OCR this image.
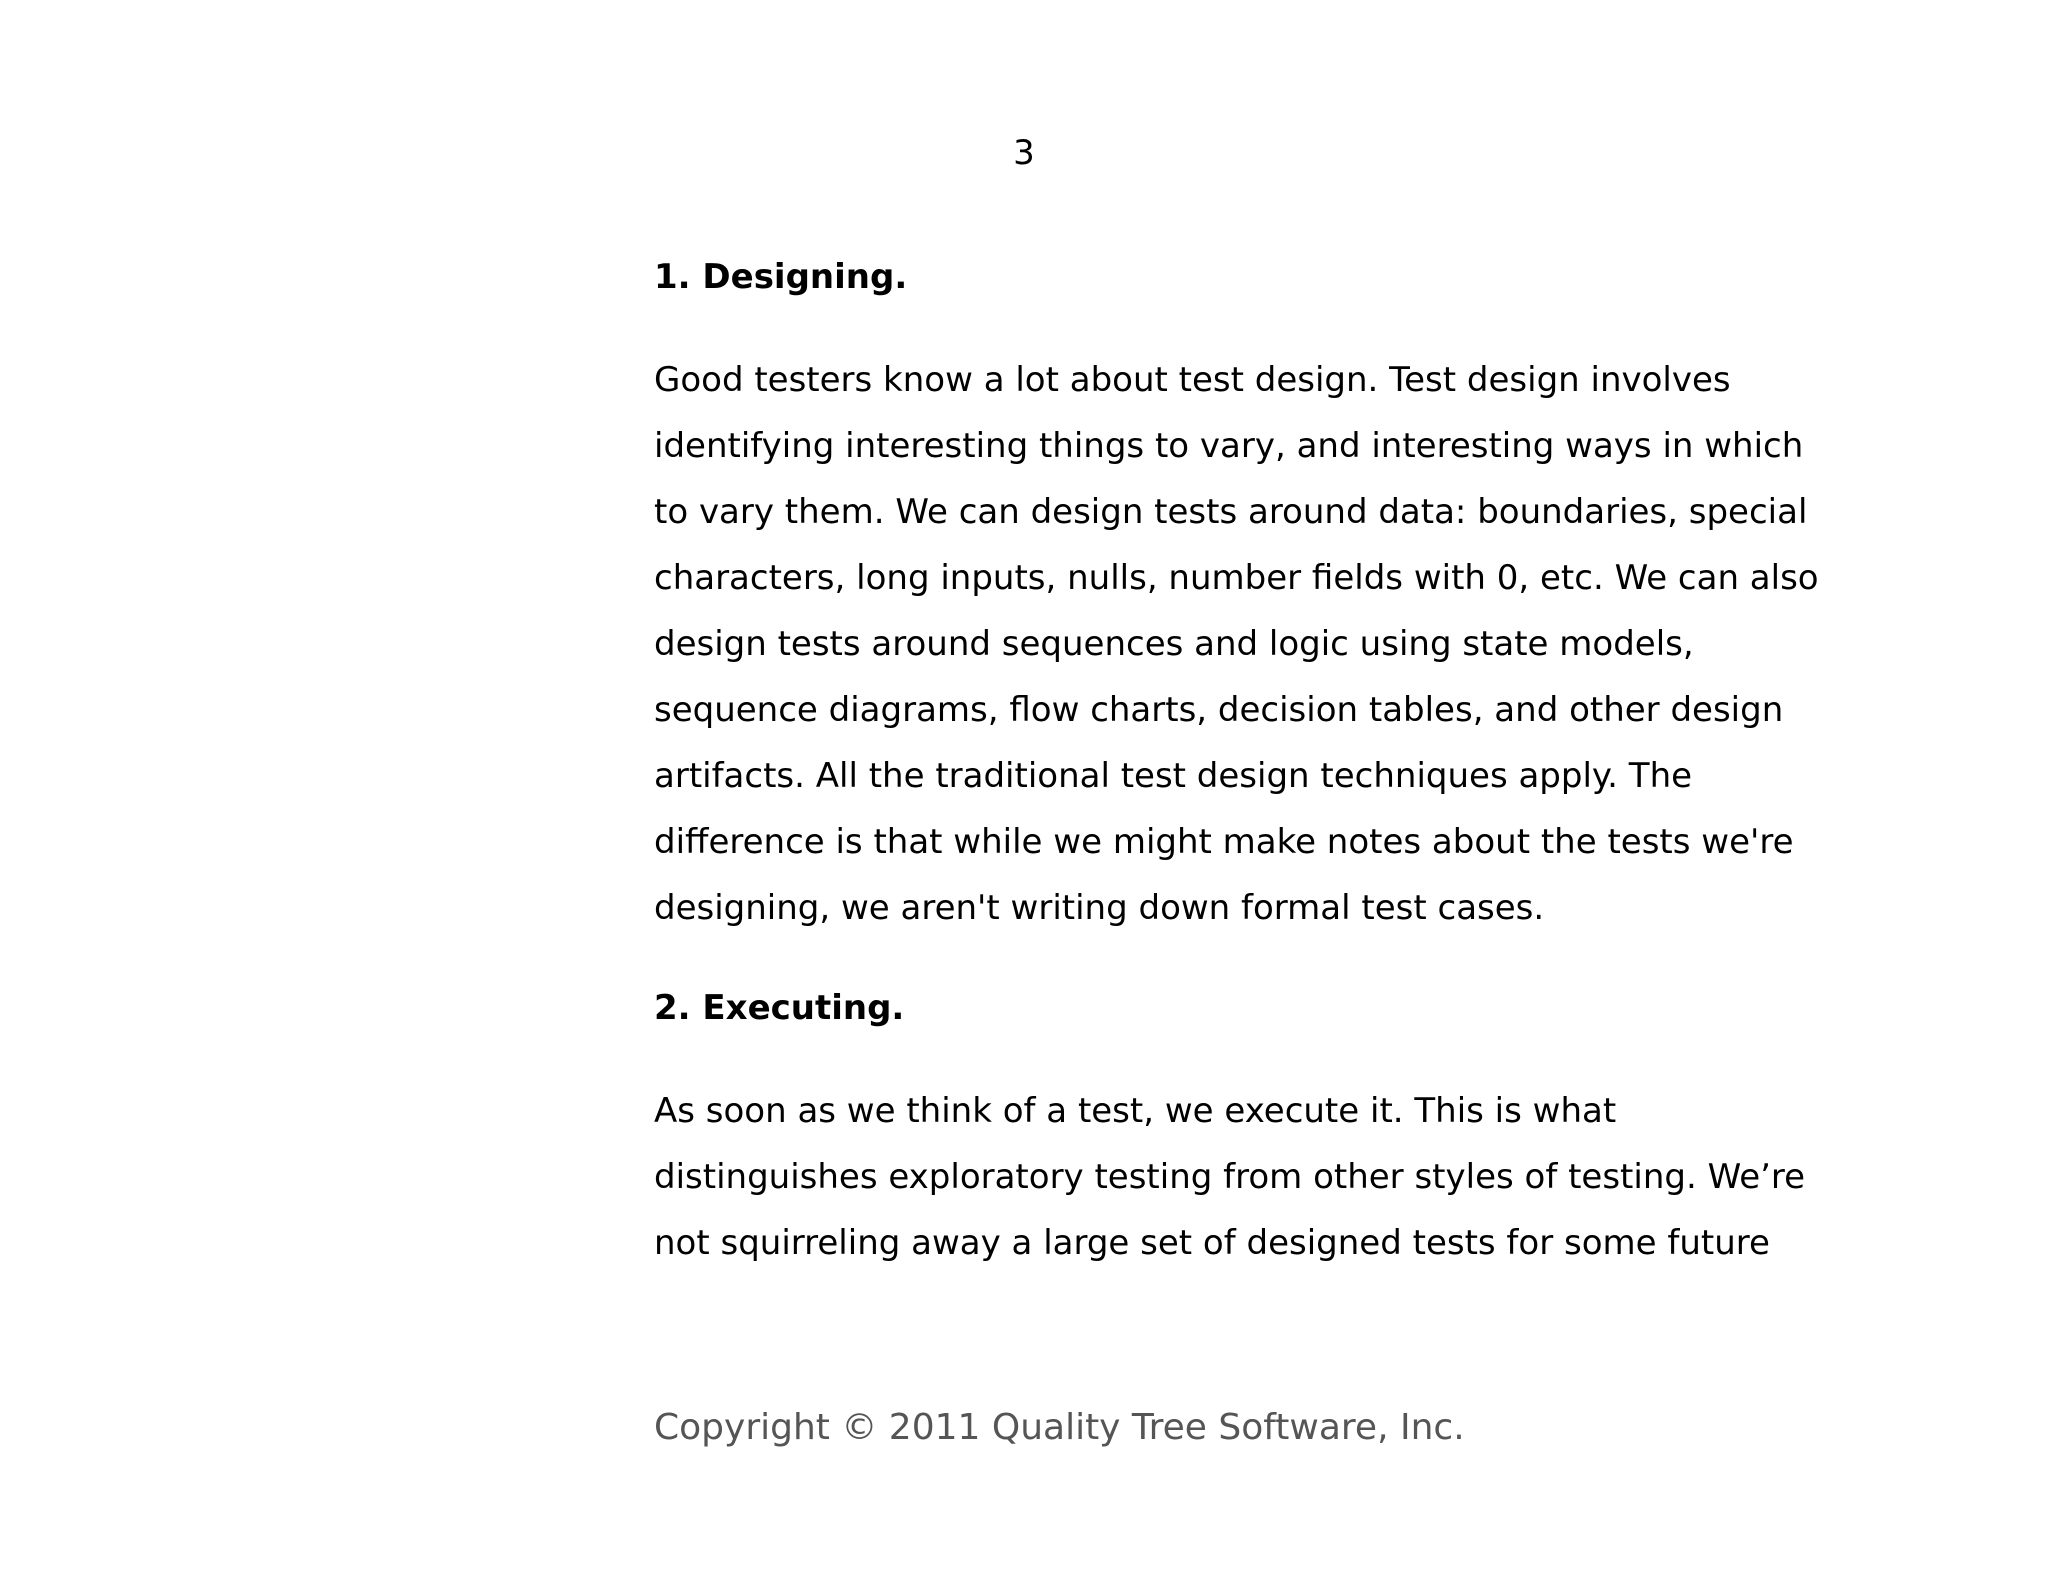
3
1. Designing.

Good testers know a lot about test design. Test design involves
identifying interesting things to vary, and interesting ways in which
to vary them. We can design tests around data: boundaries, special
characters, long inputs, nulls, number fields with 0, etc. We can also
design tests around sequences and logic using state models,
sequence diagrams, flow charts, decision tables, and other design
artifacts. All the traditional test design techniques apply. The
difference is that while we might make notes about the tests we're
designing, we aren't writing down formal test cases.

2. Executing.

As soon as we think of a test, we execute it. This is what
distinguishes exploratory testing from other styles of testing. We’re
not squirreling away a large set of designed tests for some future

Copyright © 2011 Quality Tree Software, Inc.
